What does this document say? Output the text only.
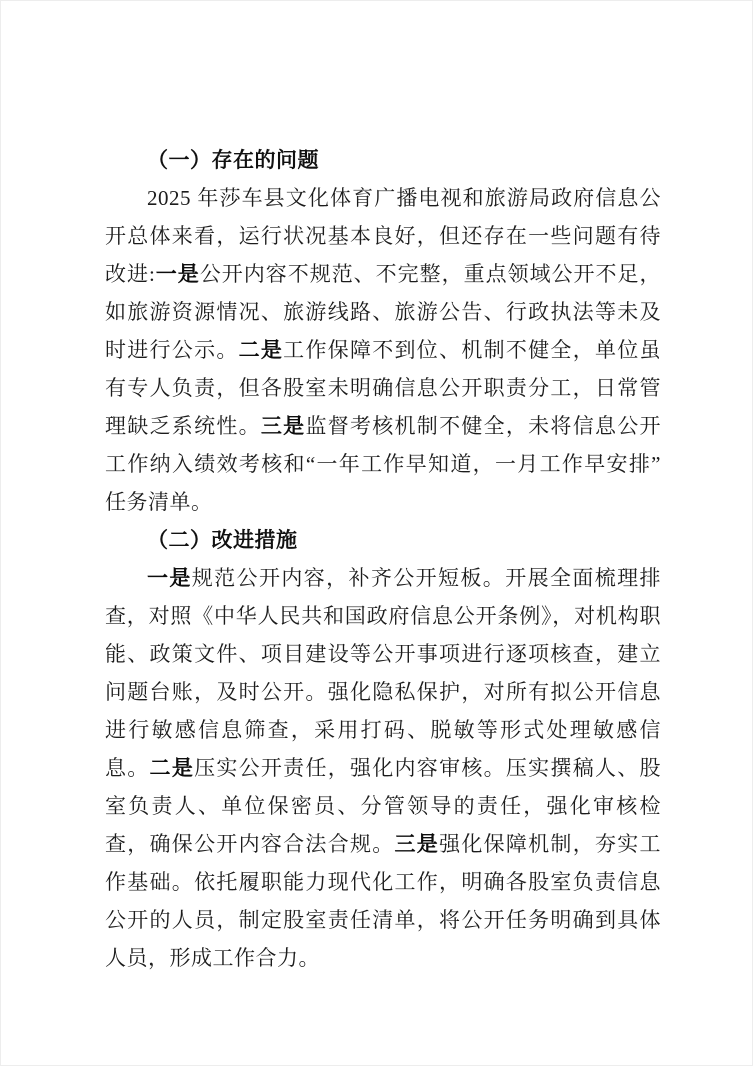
（一）存在的问题

2025 年莎车县文化体育广播电视和旅游局政府信息公开总体来看，运行状况基本良好，但还存在一些问题有待改进:一是公开内容不规范、不完整，重点领域公开不足，如旅游资源情况、旅游线路、旅游公告、行政执法等未及时进行公示。二是工作保障不到位、机制不健全，单位虽有专人负责，但各股室未明确信息公开职责分工，日常管理缺乏系统性。三是监督考核机制不健全，未将信息公开工作纳入绩效考核和“一年工作早知道，一月工作早安排”任务清单。

（二）改进措施

一是规范公开内容，补齐公开短板。开展全面梳理排查，对照《中华人民共和国政府信息公开条例》，对机构职能、政策文件、项目建设等公开事项进行逐项核查，建立问题台账，及时公开。强化隐私保护，对所有拟公开信息进行敏感信息筛查，采用打码、脱敏等形式处理敏感信息。二是压实公开责任，强化内容审核。压实撰稿人、股室负责人、单位保密员、分管领导的责任，强化审核检查，确保公开内容合法合规。三是强化保障机制，夯实工作基础。依托履职能力现代化工作，明确各股室负责信息公开的人员，制定股室责任清单，将公开任务明确到具体人员，形成工作合力。
